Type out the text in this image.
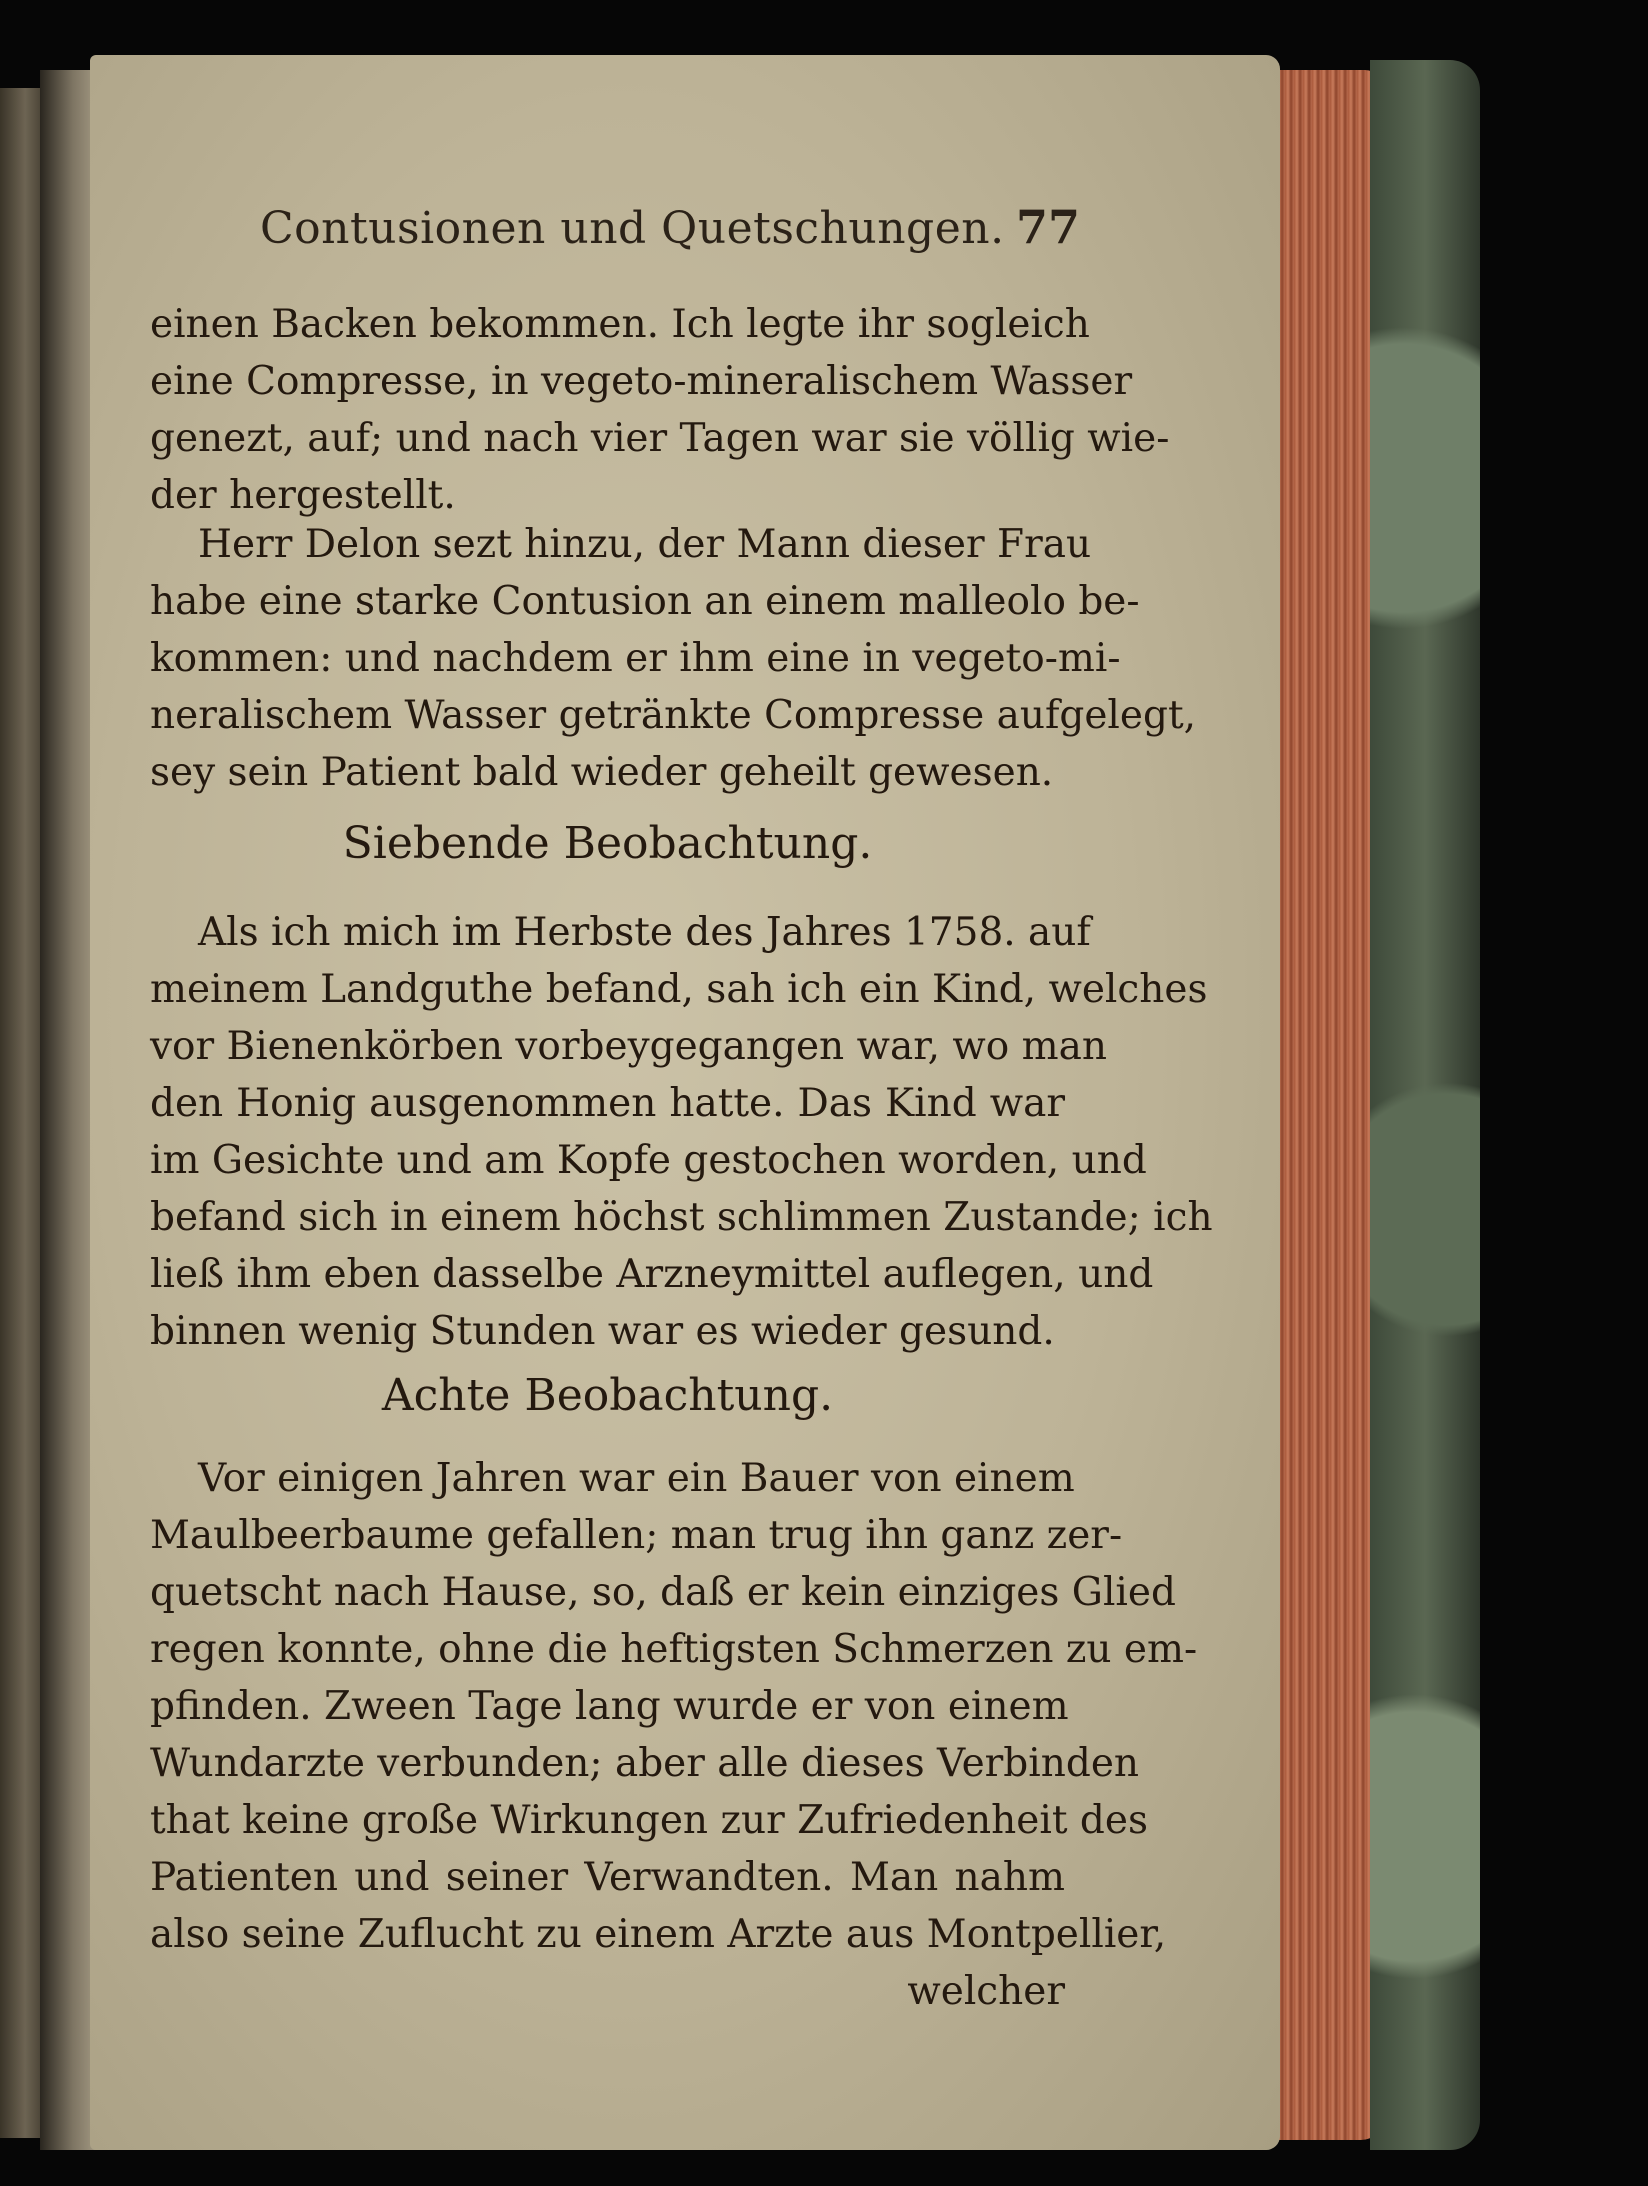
Contusionen und Quetschungen. 77
einen Backen bekommen. Ich legte ihr sogleich
eine Compresse, in vegeto-mineralischem Wasser
genezt, auf; und nach vier Tagen war sie völlig wie-
der hergestellt.
Herr Delon sezt hinzu, der Mann dieser Frau
habe eine starke Contusion an einem malleolo be-
kommen: und nachdem er ihm eine in vegeto-mi-
neralischem Wasser getränkte Compresse aufgelegt,
sey sein Patient bald wieder geheilt gewesen.
Siebende Beobachtung.
Als ich mich im Herbste des Jahres 1758. auf
meinem Landguthe befand, sah ich ein Kind, welches
vor Bienenkörben vorbeygegangen war, wo man
den Honig ausgenommen hatte. Das Kind war
im Gesichte und am Kopfe gestochen worden, und
befand sich in einem höchst schlimmen Zustande; ich
ließ ihm eben dasselbe Arzneymittel auflegen, und
binnen wenig Stunden war es wieder gesund.
Achte Beobachtung.
Vor einigen Jahren war ein Bauer von einem
Maulbeerbaume gefallen; man trug ihn ganz zer-
quetscht nach Hause, so, daß er kein einziges Glied
regen konnte, ohne die heftigsten Schmerzen zu em-
pfinden. Zween Tage lang wurde er von einem
Wundarzte verbunden; aber alle dieses Verbinden
that keine große Wirkungen zur Zufriedenheit des
Patienten und seiner Verwandten. Man nahm
also seine Zuflucht zu einem Arzte aus Montpellier,
welcher
